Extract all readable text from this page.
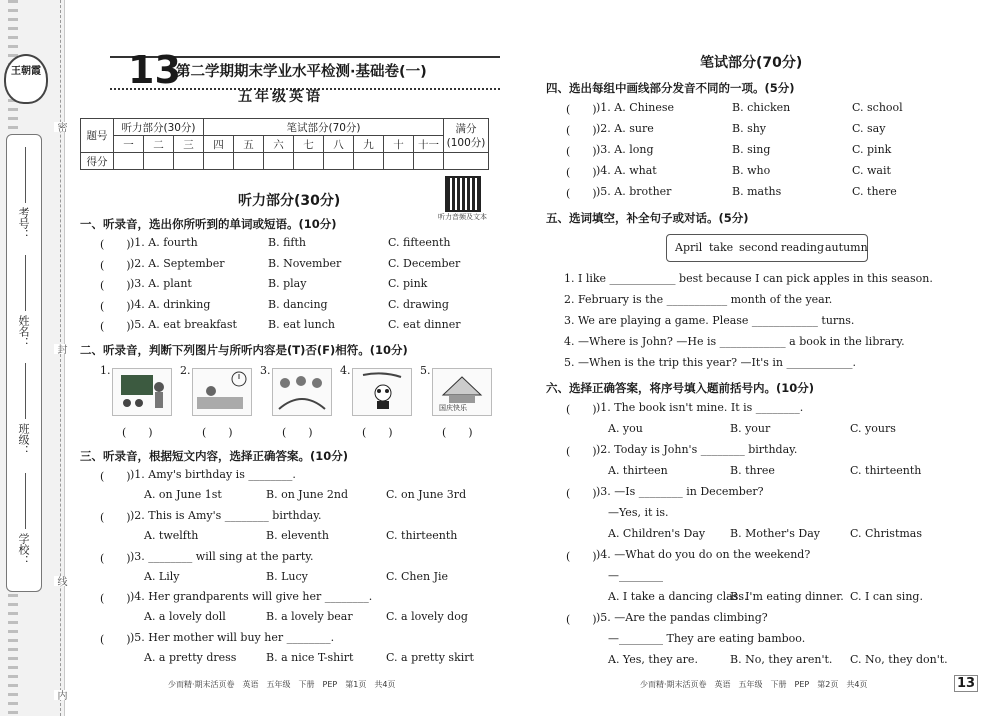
王朝霞
考号：
姓名：
班级：
学校：
密
封
线
内
13
第二学期期末学业水平检测·基础卷(一)
五年级英语
题号	听力部分(30分)			笔试部分(70分)								满分
(100分)
	一	二	三	四	五	六	七	八	九	十	十一	
得分												
听力部分(30分)
听力音频及文本
一、听录音，选出你所听到的单词或短语。(10分)
(　　) )1. A. fourth	B. fifth	C. fifteenth
(　　) )2. A. September	B. November	C. December
(　　) )3. A. plant	B. play	C. pink
(　　) )4. A. drinking	B. dancing	C. drawing
(　　) )5. A. eat breakfast	B. eat lunch	C. eat dinner
二、听录音，判断下列图片与所听内容是(T)否(F)相符。(10分)
1.	2.	3.	4.	5.
国庆快乐
(　　)	(　　)	(　　)	(　　)	(　　)
三、听录音，根据短文内容，选择正确答案。(10分)
(　　) )1. Amy's birthday is ________.
A. on June 1st	B. on June 2nd	C. on June 3rd
(　　) )2. This is Amy's ________ birthday.
A. twelfth	B. eleventh	C. thirteenth
(　　) )3. ________ will sing at the party.
A. Lily	B. Lucy	C. Chen Jie
(　　) )4. Her grandparents will give her ________.
A. a lovely doll	B. a lovely bear	C. a lovely dog
(　　) )5. Her mother will buy her ________.
A. a pretty dress	B. a nice T-shirt	C. a pretty skirt
笔试部分(70分)
四、选出每组中画线部分发音不同的一项。(5分)
(　　) )1. A. Chinese	B. chicken	C. school
(　　) )2. A. sure	B. shy	C. say
(　　) )3. A. long	B. sing	C. pink
(　　) )4. A. what	B. who	C. wait
(　　) )5. A. brother	B. maths	C. there
五、选词填空，补全句子或对话。(5分)
April take second reading autumn
1. I like ____________ best because I can pick apples in this season.
2. February is the ___________ month of the year.
3. We are playing a game. Please ____________ turns.
4. —Where is John? —He is ____________ a book in the library.
5. —When is the trip this year? —It's in ____________.
六、选择正确答案，将序号填入题前括号内。(10分)
(　　) )1. The book isn't mine. It is ________.
A. you	B. your	C. yours
(　　) )2. Today is John's ________ birthday.
A. thirteen	B. three	C. thirteenth
(　　) )3. —Is ________ in December?
—Yes, it is.
A. Children's Day B. Mother's Day	C. Christmas
(　　) )4. —What do you do on the weekend?
—________
A. I take a dancing class.
B. I'm eating dinner. C. I can sing.
(　　) )5. —Are the pandas climbing?
—________ They are eating bamboo.
A. Yes, they are.	B. No, they aren't. C. No, they don't.
少而精·期末活页卷　英语　五年级　下册　PEP　第1页　共4页	少而精·期末活页卷　英语　五年级　下册　PEP　第2页　共4页	13
